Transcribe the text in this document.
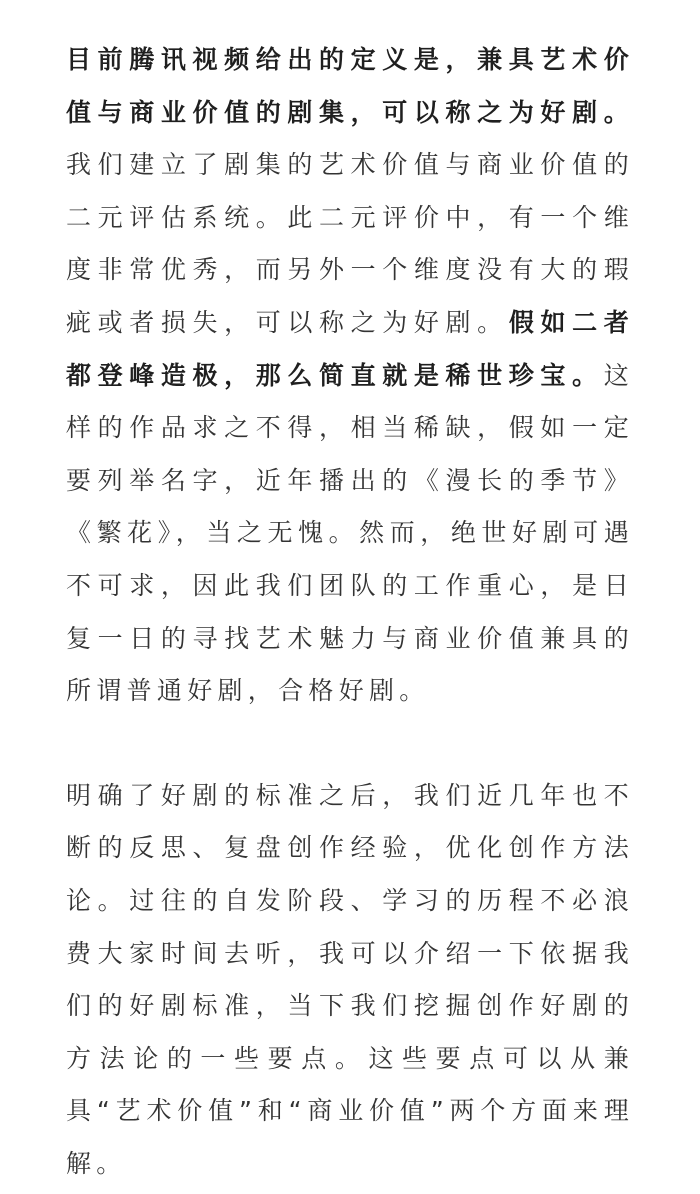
目前腾讯视频给出的定义是，兼具艺术价值与商业价值的剧集，可以称之为好剧。我们建立了剧集的艺术价值与商业价值的二元评估系统。此二元评价中，有一个维度非常优秀，而另外一个维度没有大的瑕疵或者损失，可以称之为好剧。假如二者都登峰造极，那么简直就是稀世珍宝。这样的作品求之不得，相当稀缺，假如一定要列举名字，近年播出的《漫长的季节》《繁花》，当之无愧。然而，绝世好剧可遇不可求，因此我们团队的工作重心，是日复一日的寻找艺术魅力与商业价值兼具的所谓普通好剧，合格好剧。

明确了好剧的标准之后，我们近几年也不断的反思、复盘创作经验，优化创作方法论。过往的自发阶段、学习的历程不必浪费大家时间去听，我可以介绍一下依据我们的好剧标准，当下我们挖掘创作好剧的方法论的一些要点。这些要点可以从兼具“艺术价值”和“商业价值”两个方面来理解。
